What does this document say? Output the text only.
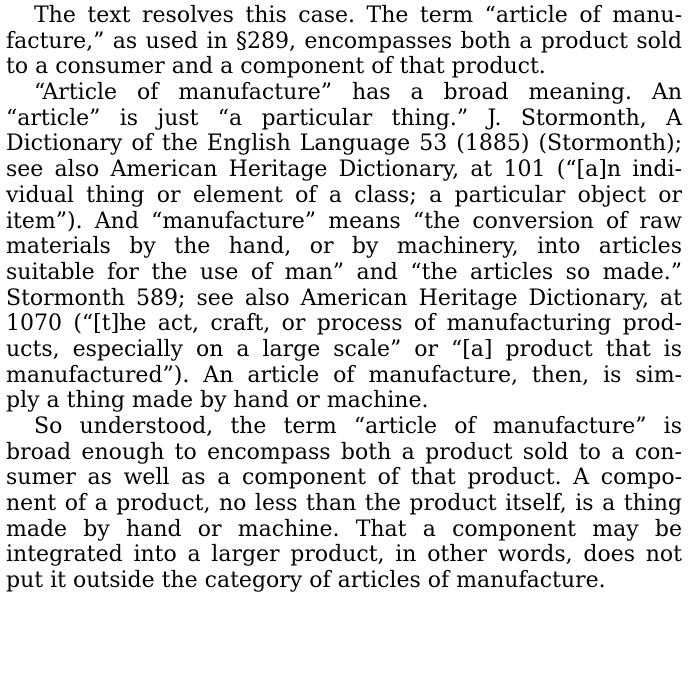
The text resolves this case. The term “article of manu-
facture,” as used in §289, encompasses both a product sold
to a consumer and a component of that product.
“Article of manufacture” has a broad meaning. An
“article” is just “a particular thing.” J. Stormonth, A
Dictionary of the English Language 53 (1885) (Stormonth);
see also American Heritage Dictionary, at 101 (“[a]n indi-
vidual thing or element of a class; a particular object or
item”). And “manufacture” means “the conversion of raw
materials by the hand, or by machinery, into articles
suitable for the use of man” and “the articles so made.”
Stormonth 589; see also American Heritage Dictionary, at
1070 (“[t]he act, craft, or process of manufacturing prod-
ucts, especially on a large scale” or “[a] product that is
manufactured”). An article of manufacture, then, is sim-
ply a thing made by hand or machine.
So understood, the term “article of manufacture” is
broad enough to encompass both a product sold to a con-
sumer as well as a component of that product. A compo-
nent of a product, no less than the product itself, is a thing
made by hand or machine. That a component may be
integrated into a larger product, in other words, does not
put it outside the category of articles of manufacture.
